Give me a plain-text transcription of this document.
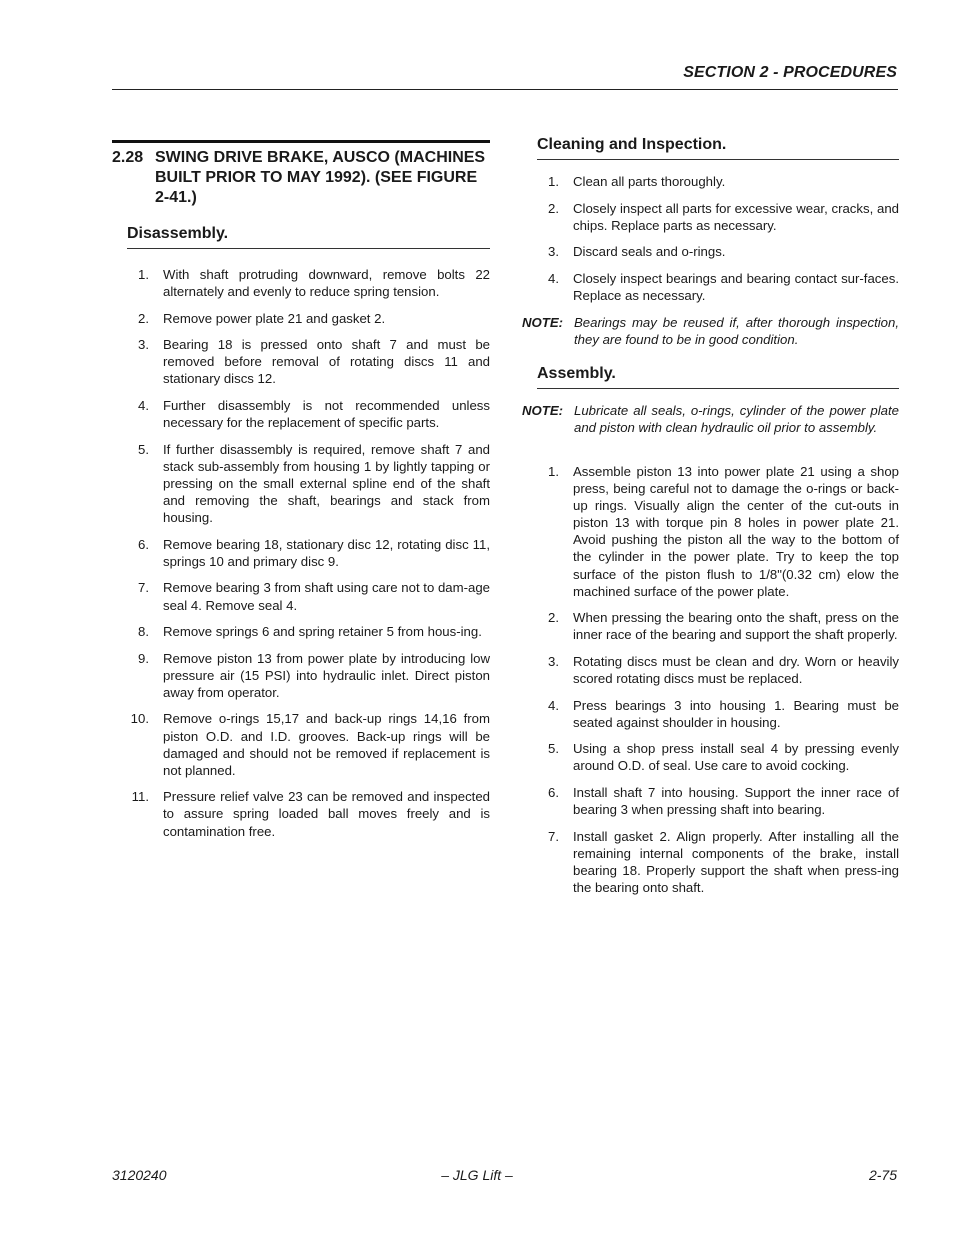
SECTION 2 - PROCEDURES
2.28 SWING DRIVE BRAKE, AUSCO (MACHINES BUILT PRIOR TO MAY 1992). (SEE FIGURE 2-41.)
Disassembly.
1.	With shaft protruding downward, remove bolts 22 alternately and evenly to reduce spring tension.
2.	Remove power plate 21 and gasket 2.
3.	Bearing 18 is pressed onto shaft 7 and must be removed before removal of rotating discs 11 and stationary discs 12.
4.	Further disassembly is not recommended unless necessary for the replacement of specific parts.
5.	If further disassembly is required, remove shaft 7 and stack sub-assembly from housing 1 by lightly tapping or pressing on the small external spline end of the shaft and removing the shaft, bearings and stack from housing.
6.	Remove bearing 18, stationary disc 12, rotating disc 11, springs 10 and primary disc 9.
7.	Remove bearing 3 from shaft using care not to dam-age seal 4. Remove seal 4.
8.	Remove springs 6 and spring retainer 5 from hous-ing.
9.	Remove piston 13 from power plate by introducing low pressure air (15 PSI) into hydraulic inlet. Direct piston away from operator.
10.	Remove o-rings 15,17 and back-up rings 14,16 from piston O.D. and I.D. grooves. Back-up rings will be damaged and should not be removed if replacement is not planned.
11.	Pressure relief valve 23 can be removed and inspected to assure spring loaded ball moves freely and is contamination free.
Cleaning and Inspection.
1.	Clean all parts thoroughly.
2.	Closely inspect all parts for excessive wear, cracks, and chips. Replace parts as necessary.
3.	Discard seals and o-rings.
4.	Closely inspect bearings and bearing contact sur-faces. Replace as necessary.
NOTE: Bearings may be reused if, after thorough inspection, they are found to be in good condition.
Assembly.
NOTE: Lubricate all seals, o-rings, cylinder of the power plate and piston with clean hydraulic oil prior to assembly.
1.	Assemble piston 13 into power plate 21 using a shop press, being careful not to damage the o-rings or back-up rings. Visually align the center of the cut-outs in piston 13 with torque pin 8 holes in power plate 21. Avoid pushing the piston all the way to the bottom of the cylinder in the power plate. Try to keep the top surface of the piston flush to 1/8"(0.32 cm) elow the machined surface of the power plate.
2.	When pressing the bearing onto the shaft, press on the inner race of the bearing and support the shaft properly.
3.	Rotating discs must be clean and dry. Worn or heavily scored rotating discs must be replaced.
4.	Press bearings 3 into housing 1. Bearing must be seated against shoulder in housing.
5.	Using a shop press install seal 4 by pressing evenly around O.D. of seal. Use care to avoid cocking.
6.	Install shaft 7 into housing. Support the inner race of bearing 3 when pressing shaft into bearing.
7.	Install gasket 2. Align properly. After installing all the remaining internal components of the brake, install bearing 18. Properly support the shaft when press-ing the bearing onto shaft.
3120240	– JLG Lift –	2-75
